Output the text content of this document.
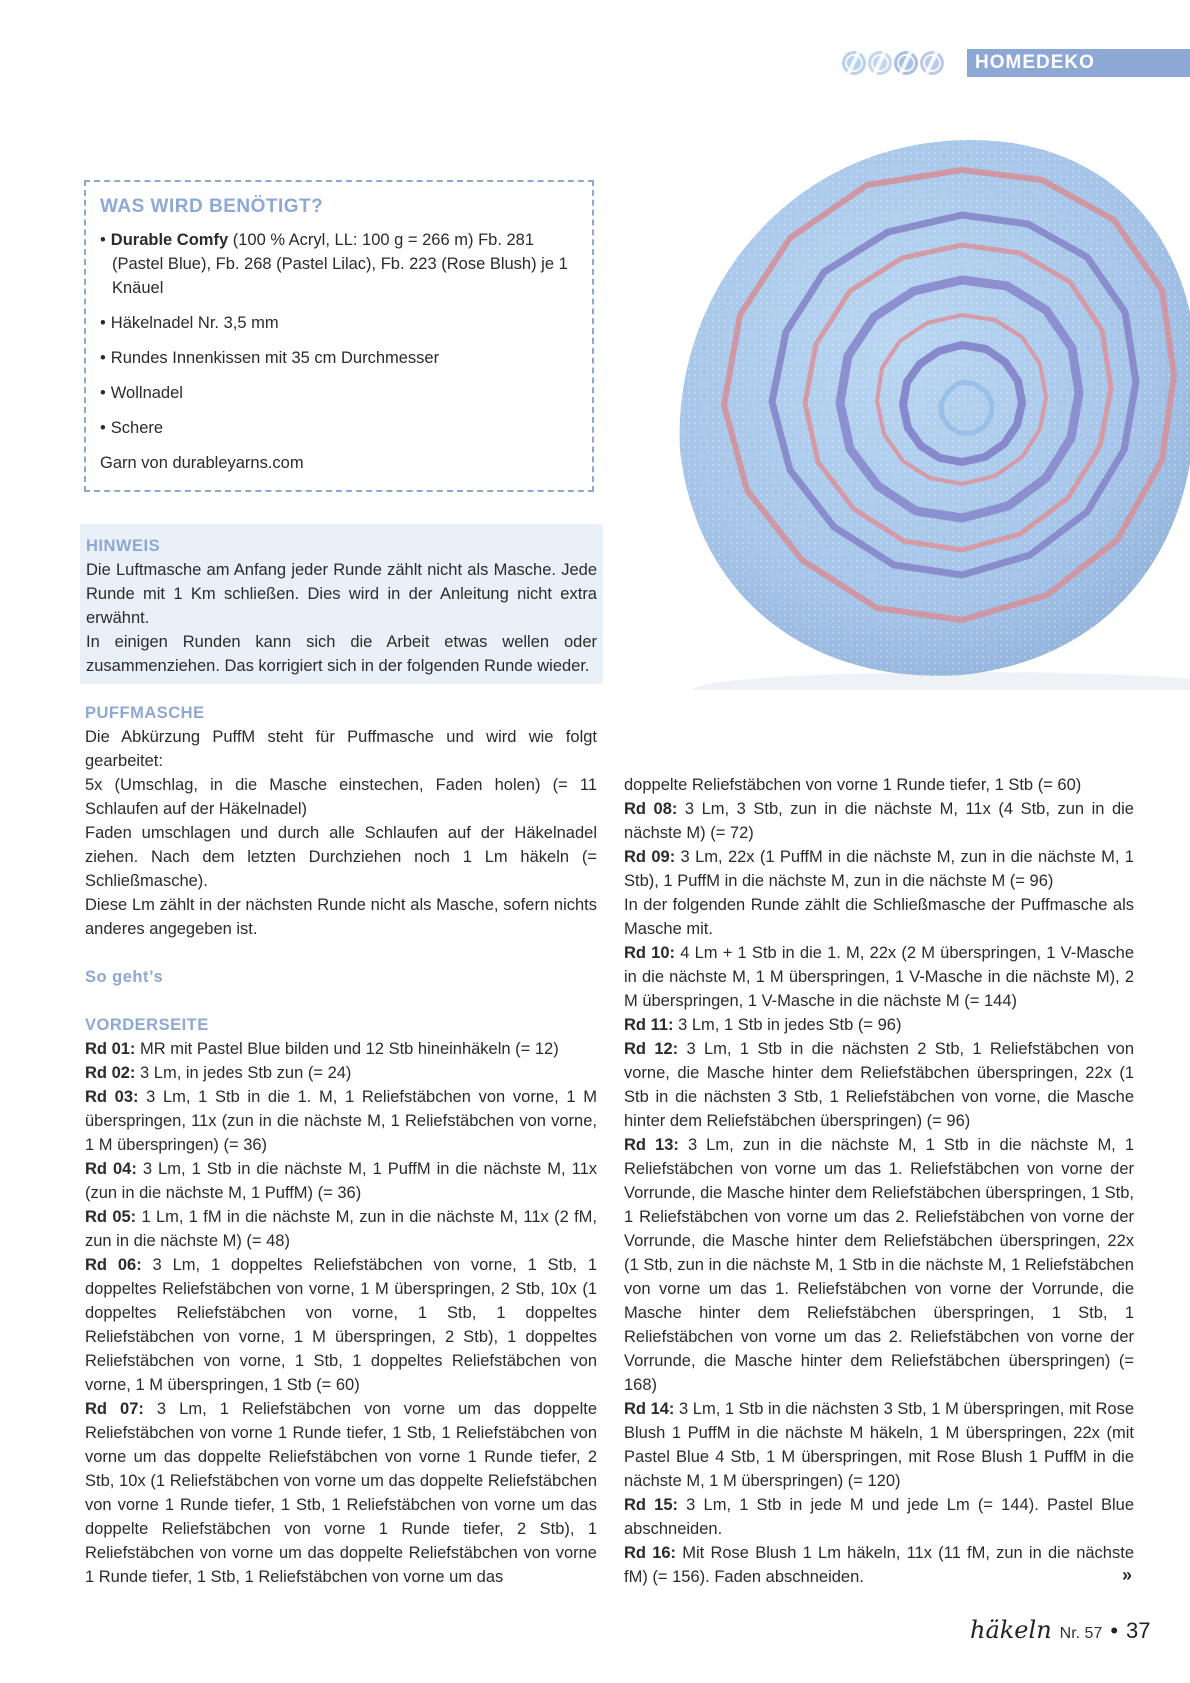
HOMEDEKO
WAS WIRD BENÖTIGT?
• Durable Comfy (100 % Acryl, LL: 100 g = 266 m) Fb. 281 (Pastel Blue), Fb. 268 (Pastel Lilac), Fb. 223 (Rose Blush) je 1 Knäuel
• Häkelnadel Nr. 3,5 mm
• Rundes Innenkissen mit 35 cm Durchmesser
• Wollnadel
• Schere
Garn von durableyarns.com
HINWEIS

Die Luftmasche am Anfang jeder Runde zählt nicht als Masche. Jede Runde mit 1 Km schließen. Dies wird in der Anleitung nicht extra erwähnt.

In einigen Runden kann sich die Arbeit etwas wellen oder zusammenziehen. Das korrigiert sich in der folgenden Runde wieder.

PUFFMASCHE

Die Abkürzung PuffM steht für Puffmasche und wird wie folgt gearbeitet:

5x (Umschlag, in die Masche einstechen, Faden holen) (= 11 Schlaufen auf der Häkelnadel)

Faden umschlagen und durch alle Schlaufen auf der Häkelnadel ziehen. Nach dem letzten Durchziehen noch 1 Lm häkeln (= Schließmasche).

Diese Lm zählt in der nächsten Runde nicht als Masche, sofern nichts anderes angegeben ist.

So geht’s
VORDERSEITE

Rd 01: MR mit Pastel Blue bilden und 12 Stb hineinhäkeln (= 12)

Rd 02: 3 Lm, in jedes Stb zun (= 24)

Rd 03: 3 Lm, 1 Stb in die 1. M, 1 Reliefstäbchen von vorne, 1 M überspringen, 11x (zun in die nächste M, 1 Reliefstäbchen von vorne, 1 M überspringen) (= 36)

Rd 04: 3 Lm, 1 Stb in die nächste M, 1 PuffM in die nächste M, 11x (zun in die nächste M, 1 PuffM) (= 36)

Rd 05: 1 Lm, 1 fM in die nächste M, zun in die nächste M, 11x (2 fM, zun in die nächste M) (= 48)

Rd 06: 3 Lm, 1 doppeltes Reliefstäbchen von vorne, 1 Stb, 1 doppeltes Reliefstäbchen von vorne, 1 M überspringen, 2 Stb, 10x (1 doppeltes Reliefstäbchen von vorne, 1 Stb, 1 doppeltes Reliefstäbchen von vorne, 1 M überspringen, 2 Stb), 1 doppeltes Reliefstäbchen von vorne, 1 Stb, 1 doppeltes Reliefstäbchen von vorne, 1 M überspringen, 1 Stb (= 60)

Rd 07: 3 Lm, 1 Reliefstäbchen von vorne um das doppelte Reliefstäbchen von vorne 1 Runde tiefer, 1 Stb, 1 Reliefstäbchen von vorne um das doppelte Reliefstäbchen von vorne 1 Runde tiefer, 2 Stb, 10x (1 Reliefstäbchen von vorne um das doppelte Reliefstäbchen von vorne 1 Runde tiefer, 1 Stb, 1 Reliefstäbchen von vorne um das doppelte Reliefstäbchen von vorne 1 Runde tiefer, 2 Stb), 1 Reliefstäbchen von vorne um das doppelte Reliefstäbchen von vorne 1 Runde tiefer, 1 Stb, 1 Reliefstäbchen von vorne um das

doppelte Reliefstäbchen von vorne 1 Runde tiefer, 1 Stb (= 60)

Rd 08: 3 Lm, 3 Stb, zun in die nächste M, 11x (4 Stb, zun in die nächste M) (= 72)

Rd 09: 3 Lm, 22x (1 PuffM in die nächste M, zun in die nächste M, 1 Stb), 1 PuffM in die nächste M, zun in die nächste M (= 96)

In der folgenden Runde zählt die Schließmasche der Puffmasche als Masche mit.

Rd 10: 4 Lm + 1 Stb in die 1. M, 22x (2 M überspringen, 1 V-Masche in die nächste M, 1 M überspringen, 1 V-Masche in die nächste M), 2 M überspringen, 1 V-Masche in die nächste M (= 144)

Rd 11: 3 Lm, 1 Stb in jedes Stb (= 96)

Rd 12: 3 Lm, 1 Stb in die nächsten 2 Stb, 1 Reliefstäbchen von vorne, die Masche hinter dem Reliefstäbchen überspringen, 22x (1 Stb in die nächsten 3 Stb, 1 Reliefstäbchen von vorne, die Masche hinter dem Reliefstäbchen überspringen) (= 96)

Rd 13: 3 Lm, zun in die nächste M, 1 Stb in die nächste M, 1 Reliefstäbchen von vorne um das 1. Reliefstäbchen von vorne der Vorrunde, die Masche hinter dem Reliefstäbchen überspringen, 1 Stb, 1 Reliefstäbchen von vorne um das 2. Reliefstäbchen von vorne der Vorrunde, die Masche hinter dem Reliefstäbchen überspringen, 22x (1 Stb, zun in die nächste M, 1 Stb in die nächste M, 1 Reliefstäbchen von vorne um das 1. Reliefstäbchen von vorne der Vorrunde, die Masche hinter dem Reliefstäbchen überspringen, 1 Stb, 1 Reliefstäbchen von vorne um das 2. Reliefstäbchen von vorne der Vorrunde, die Masche hinter dem Reliefstäbchen überspringen) (= 168)

Rd 14: 3 Lm, 1 Stb in die nächsten 3 Stb, 1 M überspringen, mit Rose Blush 1 PuffM in die nächste M häkeln, 1 M überspringen, 22x (mit Pastel Blue 4 Stb, 1 M überspringen, mit Rose Blush 1 PuffM in die nächste M, 1 M überspringen) (= 120)

Rd 15: 3 Lm, 1 Stb in jede M und jede Lm (= 144). Pastel Blue abschneiden.

Rd 16: Mit Rose Blush 1 Lm häkeln, 11x (11 fM, zun in die nächste fM) (= 156). Faden abschneiden.	»
häkeln Nr. 57 • 37
